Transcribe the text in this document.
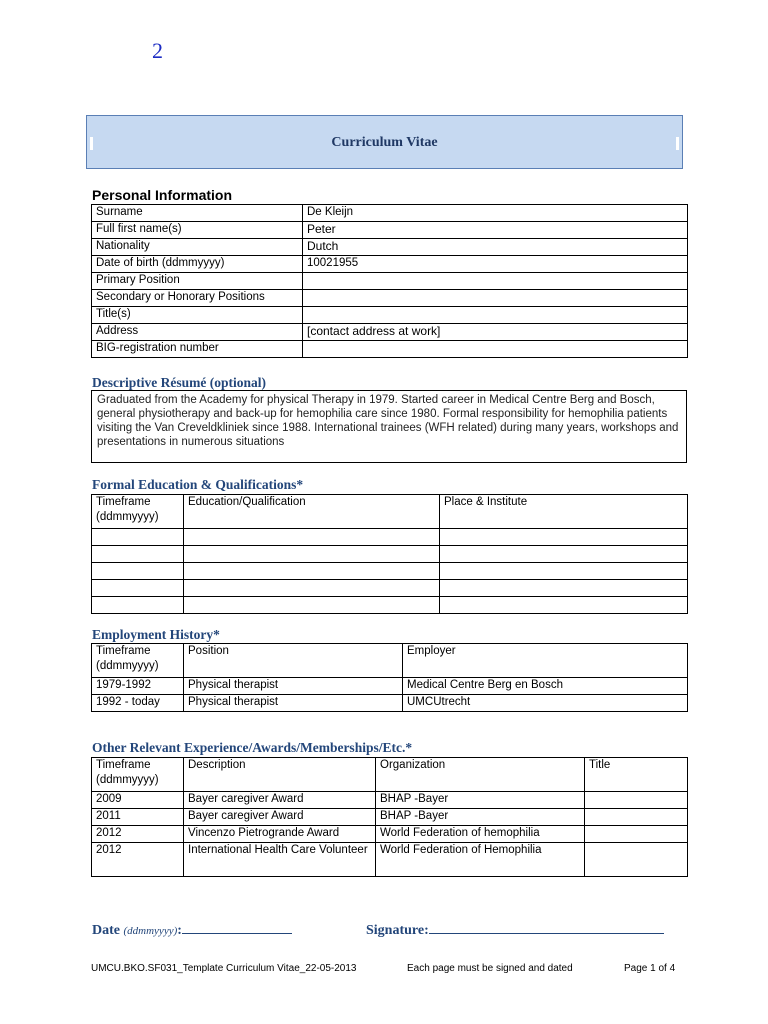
2
Curriculum Vitae
Personal Information
Surname	De Kleijn
Full first name(s)	Peter
Nationality	Dutch
Date of birth (ddmmyyyy)	10021955
Primary Position	
Secondary or Honorary Positions	
Title(s)	
Address	[contact address at work]
BIG-registration number	
Descriptive Résumé (optional)
Graduated from the Academy for physical Therapy in 1979. Started career in Medical Centre Berg and Bosch, general physiotherapy and back-up for hemophilia care since 1980. Formal responsibility for hemophilia patients visiting the Van Creveldkliniek since 1988. International trainees (WFH related) during many years, workshops and presentations in numerous situations
Formal Education & Qualifications*
Timeframe (ddmmyyyy)	Education/Qualification	Place & Institute

Employment History*
Timeframe (ddmmyyyy)	Position	Employer
1979-1992	Physical therapist	Medical Centre Berg en Bosch
1992 - today	Physical therapist	UMCUtrecht
Other Relevant Experience/Awards/Memberships/Etc.*
Timeframe (ddmmyyyy)	Description	Organization	Title
2009	Bayer caregiver Award	BHAP -Bayer	
2011	Bayer caregiver Award	BHAP -Bayer	
2012	Vincenzo Pietrogrande Award	World Federation of hemophilia	
2012	International Health Care Volunteer	World Federation of Hemophilia	
Date (ddmmyyyy):	Signature:
UMCU.BKO.SF031_Template Curriculum Vitae_22-05-2013	Each page must be signed and dated	Page 1 of 4
